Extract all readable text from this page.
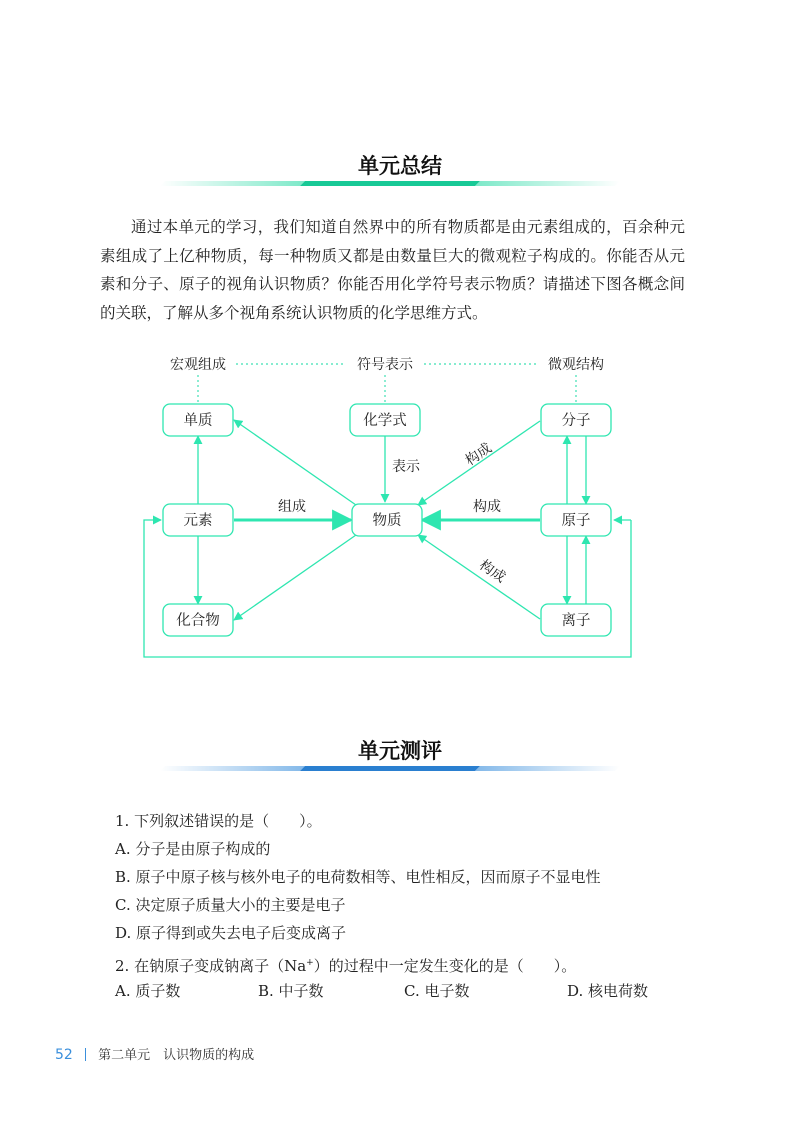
单元总结
通过本单元的学习，我们知道自然界中的所有物质都是由元素组成的，百余种元素组成了上亿种物质，每一种物质又都是由数量巨大的微观粒子构成的。你能否从元素和分子、原子的视角认识物质？你能否用化学符号表示物质？请描述下图各概念间的关联，了解从多个视角系统认识物质的化学思维方式。
宏观组成	符号表示	微观结构
单质	化学式	分子
元素	物质	原子
化合物	离子
表示
组成	构成
构成
构成
单元测评
1. 下列叙述错误的是（　　）。
A. 分子是由原子构成的
B. 原子中原子核与核外电子的电荷数相等、电性相反，因而原子不显电性
C. 决定原子质量大小的主要是电子
D. 原子得到或失去电子后变成离子
2. 在钠原子变成钠离子（Na+）的过程中一定发生变化的是（　　）。
A. 质子数	B. 中子数	C. 电子数	D. 核电荷数
52 第二单元　认识物质的构成
